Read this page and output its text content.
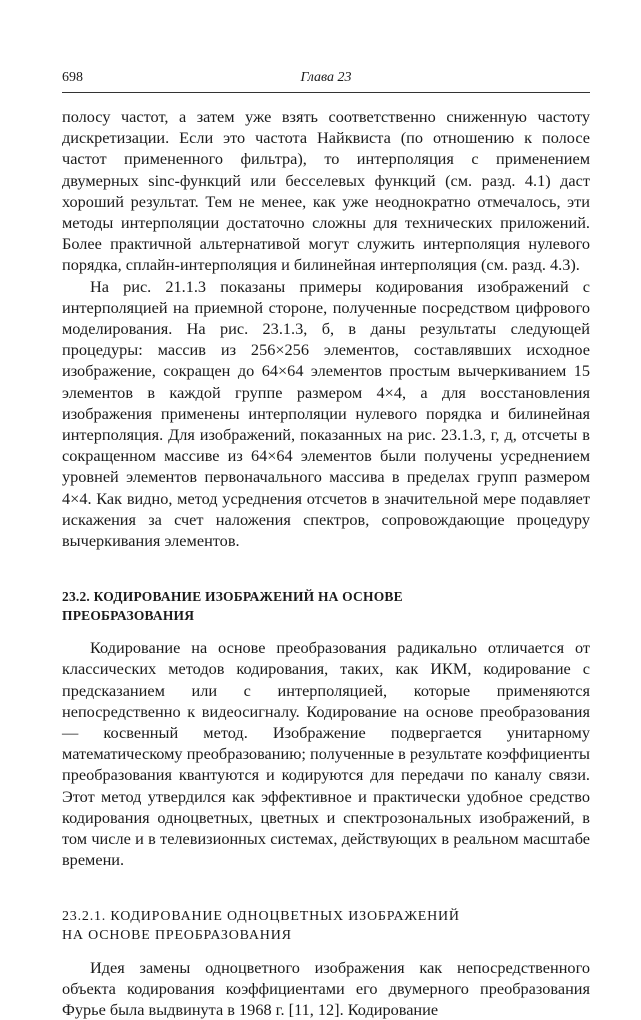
698	Глава 23

полосу частот, а затем уже взять соответственно сниженную частоту дискретизации. Если это частота Найквиста (по отношению к полосе частот примененного фильтра), то интерполяция с применением двумерных sinc-функций или бесселевых функций (см. разд. 4.1) даст хороший результат. Тем не менее, как уже неоднократно отмечалось, эти методы интерполяции достаточно сложны для технических приложений. Более практичной альтернативой могут служить интерполяция нулевого порядка, сплайн-интерполяция и билинейная интерполяция (см. разд. 4.3).

На рис. 21.1.3 показаны примеры кодирования изображений с интерполяцией на приемной стороне, полученные посредством цифрового моделирования. На рис. 23.1.3, б, в даны результаты следующей процедуры: массив из 256×256 элементов, составлявших исходное изображение, сокращен до 64×64 элементов простым вычеркиванием 15 элементов в каждой группе размером 4×4, а для восстановления изображения применены интерполяции нулевого порядка и билинейная интерполяция. Для изображений, показанных на рис. 23.1.3, г, д, отсчеты в сокращенном массиве из 64×64 элементов были получены усреднением уровней элементов первоначального массива в пределах групп размером 4×4. Как видно, метод усреднения отсчетов в значительной мере подавляет искажения за счет наложения спектров, сопровождающие процедуру вычеркивания элементов.

23.2. КОДИРОВАНИЕ ИЗОБРАЖЕНИЙ НА ОСНОВЕ
ПРЕОБРАЗОВАНИЯ

Кодирование на основе преобразования радикально отличается от классических методов кодирования, таких, как ИКМ, кодирование с предсказанием или с интерполяцией, которые применяются непосредственно к видеосигналу. Кодирование на основе преобразования — косвенный метод. Изображение подвергается унитарному математическому преобразованию; полученные в результате коэффициенты преобразования квантуются и кодируются для передачи по каналу связи. Этот метод утвердился как эффективное и практически удобное средство кодирования одноцветных, цветных и спектрозональных изображений, в том числе и в телевизионных системах, действующих в реальном масштабе времени.

23.2.1. КОДИРОВАНИЕ ОДНОЦВЕТНЫХ ИЗОБРАЖЕНИЙ
НА ОСНОВЕ ПРЕОБРАЗОВАНИЯ

Идея замены одноцветного изображения как непосредственного объекта кодирования коэффициентами его двумерного преобразования Фурье была выдвинута в 1968 г. [11, 12]. Кодирование
